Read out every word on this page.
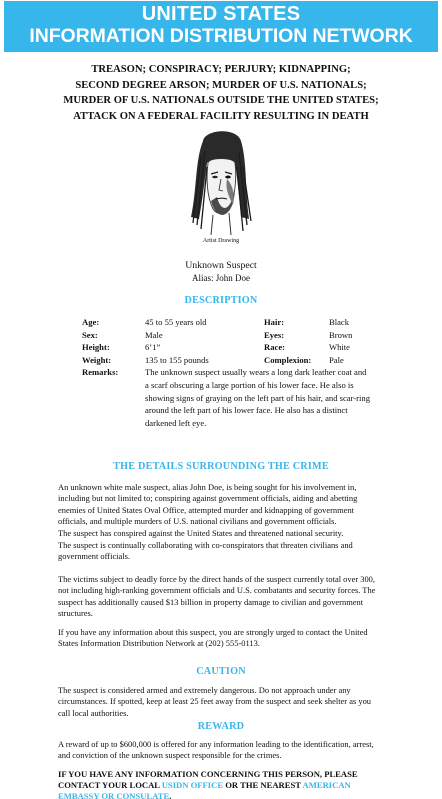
UNITED STATES
INFORMATION DISTRIBUTION NETWORK
TREASON; CONSPIRACY; PERJURY; KIDNAPPING;
SECOND DEGREE ARSON; MURDER OF U.S. NATIONALS;
MURDER OF U.S. NATIONALS OUTSIDE THE UNITED STATES;
ATTACK ON A FEDERAL FACILITY RESULTING IN DEATH
Artist Drawing
Unknown Suspect
Alias: John Doe
DESCRIPTION
Age:	45 to 55 years old	Hair:	Black
Sex:	Male	Eyes:	Brown
Height:	6’1”	Race:	White
Weight:	135 to 155 pounds	Complexion:	Pale
Remarks:	The unknown suspect usually wears a long dark leather coat and a scarf obscuring a large portion of his lower face. He also is showing signs of graying on the left part of his hair, and scar-ring around the left part of his lower face. He also has a distinct darkened left eye.
THE DETAILS SURROUNDING THE CRIME
An unknown white male suspect, alias John Doe, is being sought for his involvement in, including but not limited to; conspiring against government officials, aiding and abetting enemies of United States Oval Office, attempted murder and kidnapping of government officials, and multiple murders of U.S. national civilians and government officials.
The suspect has conspired against the United States and threatened national security.
The suspect is continually collaborating with co-conspirators that threaten civilians and government officials.
The victims subject to deadly force by the direct hands of the suspect currently total over 300, not including high-ranking government officials and U.S. combatants and security forces. The suspect has additionally caused $13 billion in property damage to civilian and government structures.
If you have any information about this suspect, you are strongly urged to contact the United States Information Distribution Network at (202) 555-0113.
CAUTION
The suspect is considered armed and extremely dangerous. Do not approach under any circumstances. If spotted, keep at least 25 feet away from the suspect and seek shelter as you call local authorities.
REWARD
A reward of up to $600,000 is offered for any information leading to the identification, arrest, and conviction of the unknown suspect responsible for the crimes.
IF YOU HAVE ANY INFORMATION CONCERNING THIS PERSON, PLEASE
CONTACT YOUR LOCAL USIDN OFFICE OR THE NEAREST AMERICAN
EMBASSY OR CONSULATE.
